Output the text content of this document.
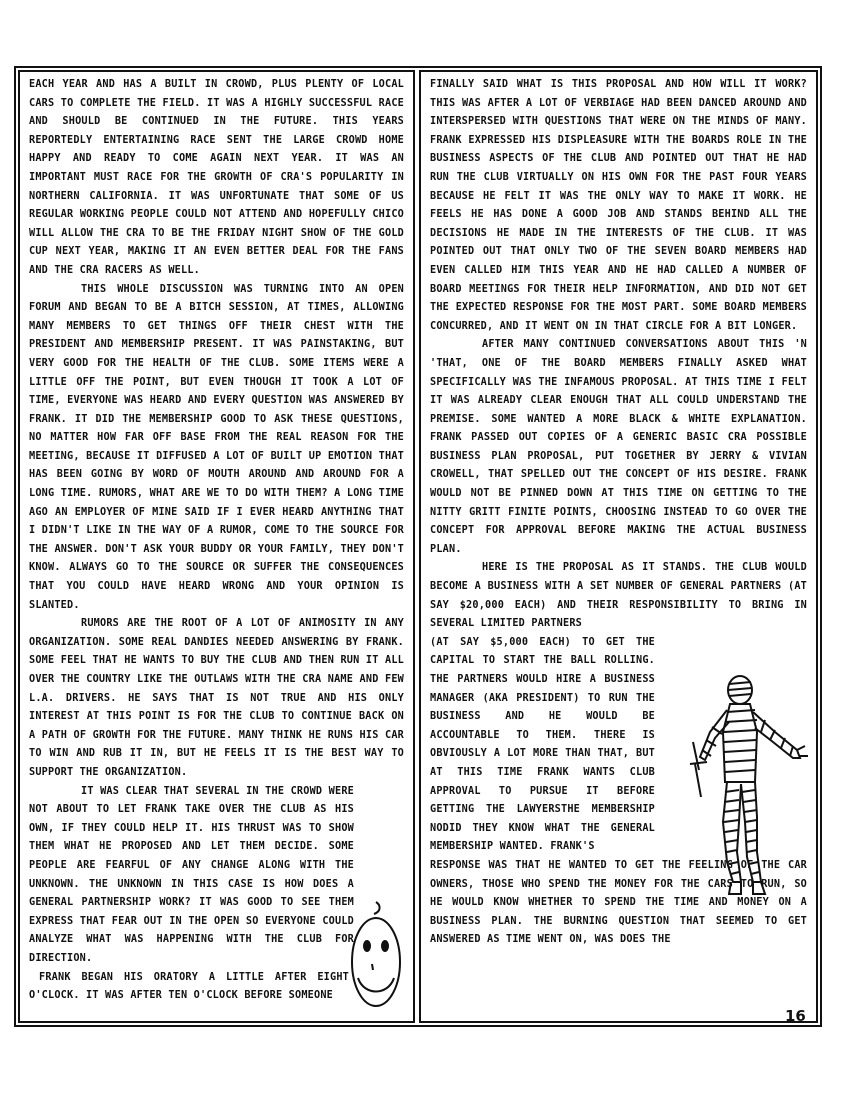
EACH YEAR AND HAS A BUILT IN CROWD, PLUS PLENTY OF LOCAL CARS TO COMPLETE THE FIELD. IT WAS A HIGHLY SUCCESSFUL RACE AND SHOULD BE CONTINUED IN THE FUTURE. THIS YEARS REPORTEDLY ENTERTAINING RACE SENT THE LARGE CROWD HOME HAPPY AND READY TO COME AGAIN NEXT YEAR. IT WAS AN IMPORTANT MUST RACE FOR THE GROWTH OF CRA'S POPULARITY IN NORTHERN CALIFORNIA. IT WAS UNFORTUNATE THAT SOME OF US REGULAR WORKING PEOPLE COULD NOT ATTEND AND HOPEFULLY CHICO WILL ALLOW THE CRA TO BE THE FRIDAY NIGHT SHOW OF THE GOLD CUP NEXT YEAR, MAKING IT AN EVEN BETTER DEAL FOR THE FANS AND THE CRA RACERS AS WELL.

THIS WHOLE DISCUSSION WAS TURNING INTO AN OPEN FORUM AND BEGAN TO BE A BITCH SESSION, AT TIMES, ALLOWING MANY MEMBERS TO GET THINGS OFF THEIR CHEST WITH THE PRESIDENT AND MEMBERSHIP PRESENT. IT WAS PAINSTAKING, BUT VERY GOOD FOR THE HEALTH OF THE CLUB. SOME ITEMS WERE A LITTLE OFF THE POINT, BUT EVEN THOUGH IT TOOK A LOT OF TIME, EVERYONE WAS HEARD AND EVERY QUESTION WAS ANSWERED BY FRANK. IT DID THE MEMBERSHIP GOOD TO ASK THESE QUESTIONS, NO MATTER HOW FAR OFF BASE FROM THE REAL REASON FOR THE MEETING, BECAUSE IT DIFFUSED A LOT OF BUILT UP EMOTION THAT HAS BEEN GOING BY WORD OF MOUTH AROUND AND AROUND FOR A LONG TIME. RUMORS, WHAT ARE WE TO DO WITH THEM? A LONG TIME AGO AN EMPLOYER OF MINE SAID IF I EVER HEARD ANYTHING THAT I DIDN'T LIKE IN THE WAY OF A RUMOR, COME TO THE SOURCE FOR THE ANSWER. DON'T ASK YOUR BUDDY OR YOUR FAMILY, THEY DON'T KNOW. ALWAYS GO TO THE SOURCE OR SUFFER THE CONSEQUENCES THAT YOU COULD HAVE HEARD WRONG AND YOUR OPINION IS SLANTED.

RUMORS ARE THE ROOT OF A LOT OF ANIMOSITY IN ANY ORGANIZATION. SOME REAL DANDIES NEEDED ANSWERING BY FRANK. SOME FEEL THAT HE WANTS TO BUY THE CLUB AND THEN RUN IT ALL OVER THE COUNTRY LIKE THE OUTLAWS WITH THE CRA NAME AND FEW L.A. DRIVERS. HE SAYS THAT IS NOT TRUE AND HIS ONLY INTEREST AT THIS POINT IS FOR THE CLUB TO CONTINUE BACK ON A PATH OF GROWTH FOR THE FUTURE. MANY THINK HE RUNS HIS CAR TO WIN AND RUB IT IN, BUT HE FEELS IT IS THE BEST WAY TO SUPPORT THE ORGANIZATION.

IT WAS CLEAR THAT SEVERAL IN THE CROWD WERE NOT ABOUT TO LET FRANK TAKE OVER THE CLUB AS HIS OWN, IF THEY COULD HELP IT. HIS THRUST WAS TO SHOW THEM WHAT HE PROPOSED AND LET THEM DECIDE. SOME PEOPLE ARE FEARFUL OF ANY CHANGE ALONG WITH THE UNKNOWN. THE UNKNOWN IN THIS CASE IS HOW DOES A GENERAL PARTNERSHIP WORK? IT WAS GOOD TO SEE THEM EXPRESS THAT FEAR OUT IN THE OPEN SO EVERYONE COULD ANALYZE WHAT WAS HAPPENING WITH THE CLUB FOR DIRECTION.

FRANK BEGAN HIS ORATORY A LITTLE AFTER EIGHT O'CLOCK. IT WAS AFTER TEN O'CLOCK BEFORE SOMEONE

FINALLY SAID WHAT IS THIS PROPOSAL AND HOW WILL IT WORK? THIS WAS AFTER A LOT OF VERBIAGE HAD BEEN DANCED AROUND AND INTERSPERSED WITH QUESTIONS THAT WERE ON THE MINDS OF MANY. FRANK EXPRESSED HIS DISPLEASURE WITH THE BOARDS ROLE IN THE BUSINESS ASPECTS OF THE CLUB AND POINTED OUT THAT HE HAD RUN THE CLUB VIRTUALLY ON HIS OWN FOR THE PAST FOUR YEARS BECAUSE HE FELT IT WAS THE ONLY WAY TO MAKE IT WORK. HE FEELS HE HAS DONE A GOOD JOB AND STANDS BEHIND ALL THE DECISIONS HE MADE IN THE INTERESTS OF THE CLUB. IT WAS POINTED OUT THAT ONLY TWO OF THE SEVEN BOARD MEMBERS HAD EVEN CALLED HIM THIS YEAR AND HE HAD CALLED A NUMBER OF BOARD MEETINGS FOR THEIR HELP INFORMATION, AND DID NOT GET THE EXPECTED RESPONSE FOR THE MOST PART. SOME BOARD MEMBERS CONCURRED, AND IT WENT ON IN THAT CIRCLE FOR A BIT LONGER.

AFTER MANY CONTINUED CONVERSATIONS ABOUT THIS 'N 'THAT, ONE OF THE BOARD MEMBERS FINALLY ASKED WHAT SPECIFICALLY WAS THE INFAMOUS PROPOSAL. AT THIS TIME I FELT IT WAS ALREADY CLEAR ENOUGH THAT ALL COULD UNDERSTAND THE PREMISE. SOME WANTED A MORE BLACK & WHITE EXPLANATION. FRANK PASSED OUT COPIES OF A GENERIC BASIC CRA POSSIBLE BUSINESS PLAN PROPOSAL, PUT TOGETHER BY JERRY & VIVIAN CROWELL, THAT SPELLED OUT THE CONCEPT OF HIS DESIRE. FRANK WOULD NOT BE PINNED DOWN AT THIS TIME ON GETTING TO THE NITTY GRITT FINITE POINTS, CHOOSING INSTEAD TO GO OVER THE CONCEPT FOR APPROVAL BEFORE MAKING THE ACTUAL BUSINESS PLAN.

HERE IS THE PROPOSAL AS IT STANDS. THE CLUB WOULD BECOME A BUSINESS WITH A SET NUMBER OF GENERAL PARTNERS (AT SAY $20,000 EACH) AND THEIR RESPONSIBILITY TO BRING IN SEVERAL LIMITED PARTNERS

(AT SAY $5,000 EACH) TO GET THE CAPITAL TO START THE BALL ROLLING. THE PARTNERS WOULD HIRE A BUSINESS MANAGER (AKA PRESIDENT) TO RUN THE BUSINESS AND HE WOULD BE ACCOUNTABLE TO THEM. THERE IS OBVIOUSLY A LOT MORE THAN THAT, BUT AT THIS TIME FRANK WANTS CLUB APPROVAL TO PURSUE IT BEFORE GETTING THE LAWYERSTHE MEMBERSHIP NODID THEY KNOW WHAT THE GENERAL MEMBERSHIP WANTED. FRANK'S

RESPONSE WAS THAT HE WANTED TO GET THE FEELING OF THE CAR OWNERS, THOSE WHO SPEND THE MONEY FOR THE CARS TO RUN, SO HE WOULD KNOW WHETHER TO SPEND THE TIME AND MONEY ON A BUSINESS PLAN. THE BURNING QUESTION THAT SEEMED TO GET ANSWERED AS TIME WENT ON, WAS DOES THE

16
